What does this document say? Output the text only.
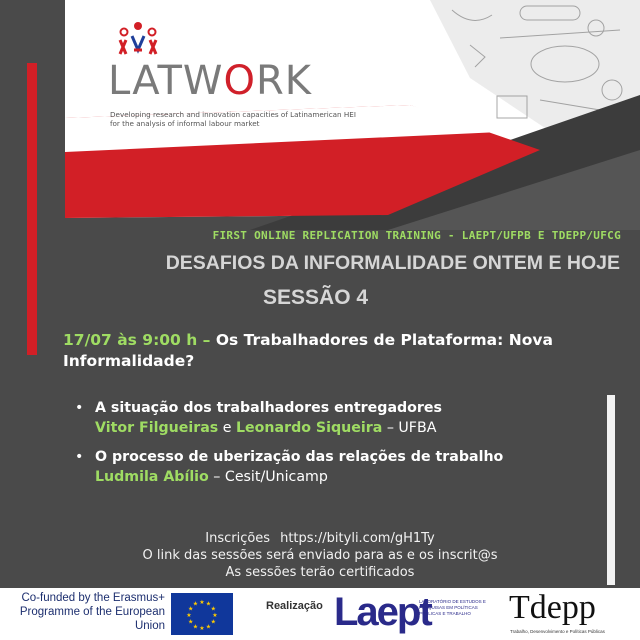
LATWORK
Developing research and innovation capacities of Latinamerican HEI for the analysis of informal labour market
FIRST ONLINE REPLICATION TRAINING - LAEPT/UFPB E TDEPP/UFCG
DESAFIOS DA INFORMALIDADE ONTEM E HOJE
SESSÃO 4
17/07 às 9:00 h – Os Trabalhadores de Plataforma: Nova Informalidade?
• A situação dos trabalhadores entregadores
Vitor Filgueiras e Leonardo Siqueira – UFBA
• O processo de uberização das relações de trabalho
Ludmila Abílio – Cesit/Unicamp
Inscrições https://bityli.com/gH1Ty
O link das sessões será enviado para as e os inscrit@s
As sessões terão certificados
Co-funded by the Erasmus+ Programme of the European Union
★
★
★
★
★
★
★
★
★ ★ ★
★	Realização Laept
LABORATÓRIO DE ESTUDOS E PESQUISAS EM POLÍTICAS PÚBLICAS E TRABALHO	Tdepp
Trabalho, Desenvolvimento e Políticas Públicas
